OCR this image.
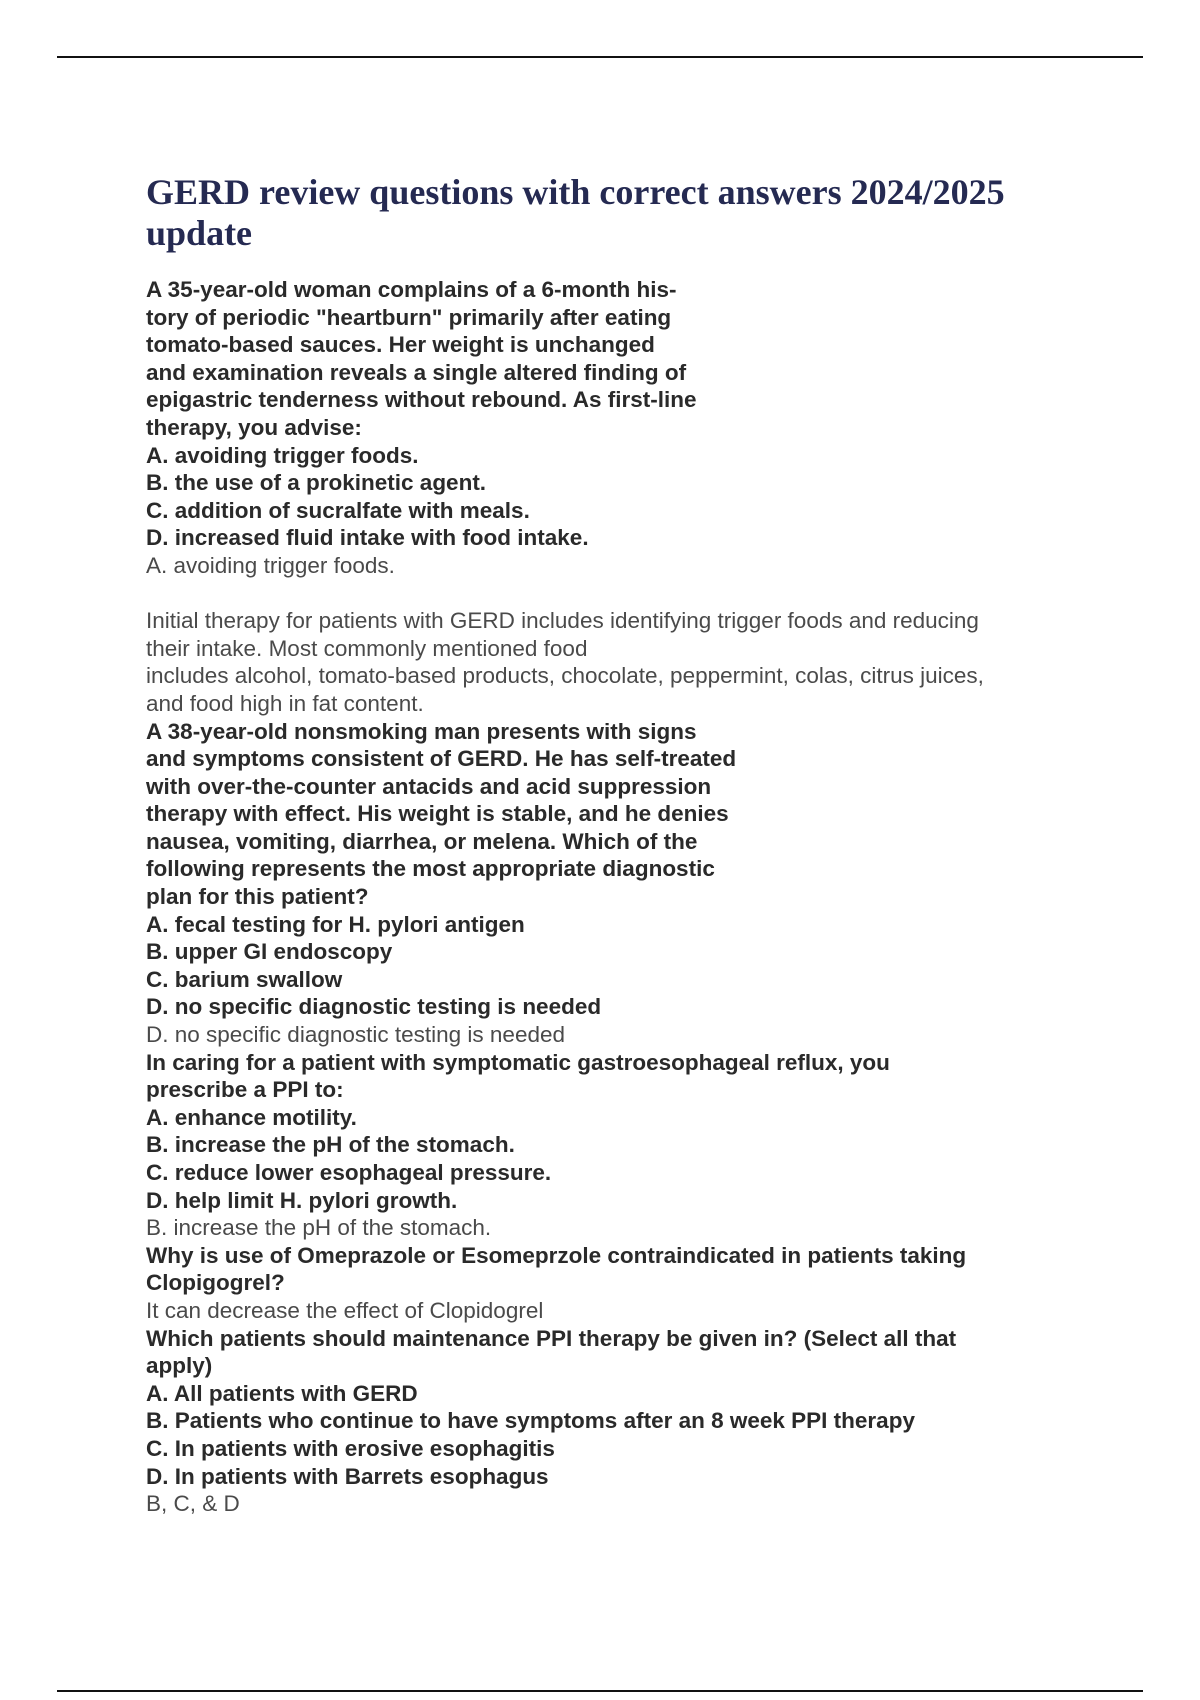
GERD review questions with correct answers 2024/2025
update
A 35-year-old woman complains of a 6-month his-
tory of periodic "heartburn" primarily after eating
tomato-based sauces. Her weight is unchanged
and examination reveals a single altered finding of
epigastric tenderness without rebound. As first-line
therapy, you advise:
A. avoiding trigger foods.
B. the use of a prokinetic agent.
C. addition of sucralfate with meals.
D. increased fluid intake with food intake.
A. avoiding trigger foods.
Initial therapy for patients with GERD includes identifying trigger foods and reducing
their intake. Most commonly mentioned food
includes alcohol, tomato-based products, chocolate, peppermint, colas, citrus juices,
and food high in fat content.
A 38-year-old nonsmoking man presents with signs
and symptoms consistent of GERD. He has self-treated
with over-the-counter antacids and acid suppression
therapy with effect. His weight is stable, and he denies
nausea, vomiting, diarrhea, or melena. Which of the
following represents the most appropriate diagnostic
plan for this patient?
A. fecal testing for H. pylori antigen
B. upper GI endoscopy
C. barium swallow
D. no specific diagnostic testing is needed
D. no specific diagnostic testing is needed
In caring for a patient with symptomatic gastroesophageal reflux, you
prescribe a PPI to:
A. enhance motility.
B. increase the pH of the stomach.
C. reduce lower esophageal pressure.
D. help limit H. pylori growth.
B. increase the pH of the stomach.
Why is use of Omeprazole or Esomeprzole contraindicated in patients taking
Clopigogrel?
It can decrease the effect of Clopidogrel
Which patients should maintenance PPI therapy be given in? (Select all that
apply)
A. All patients with GERD
B. Patients who continue to have symptoms after an 8 week PPI therapy
C. In patients with erosive esophagitis
D. In patients with Barrets esophagus
B, C, & D
